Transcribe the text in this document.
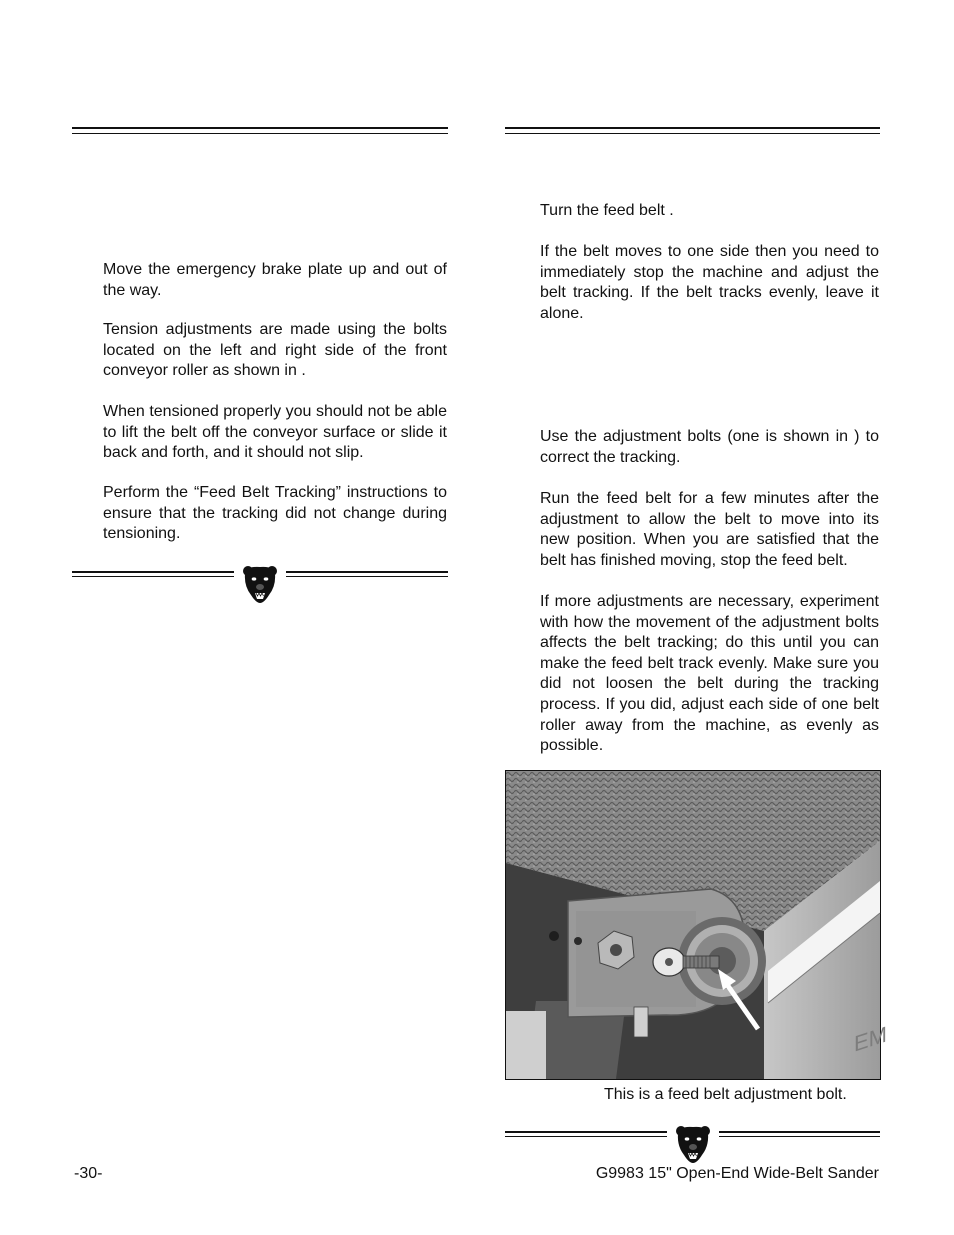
Move the emergency brake plate up and out of the way.

Tension adjustments are made using the bolts located on the left and right side of the front conveyor roller as shown in .

When tensioned properly you should not be able to lift the belt off the conveyor surface or slide it back and forth, and it should not slip.

Perform the “Feed Belt Tracking” instructions to ensure that the tracking did not change during tensioning.

Turn the feed belt .

If the belt moves to one side then you need to immediately stop the machine and adjust the belt tracking. If the belt tracks evenly, leave it alone.

Use the adjustment bolts (one is shown in ) to correct the tracking.

Run the feed belt for a few minutes after the adjustment to allow the belt to move into its new position. When you are satisfied that the belt has finished moving, stop the feed belt.

If more adjustments are necessary, experiment with how the movement of the adjustment bolts affects the belt tracking; do this until you can make the feed belt track evenly. Make sure you did not loosen the belt during the tracking process. If you did, adjust each side of one belt roller away from the machine, as evenly as possible.

EM
This is a feed belt adjustment bolt.
-30-	G9983 15" Open-End Wide-Belt Sander
